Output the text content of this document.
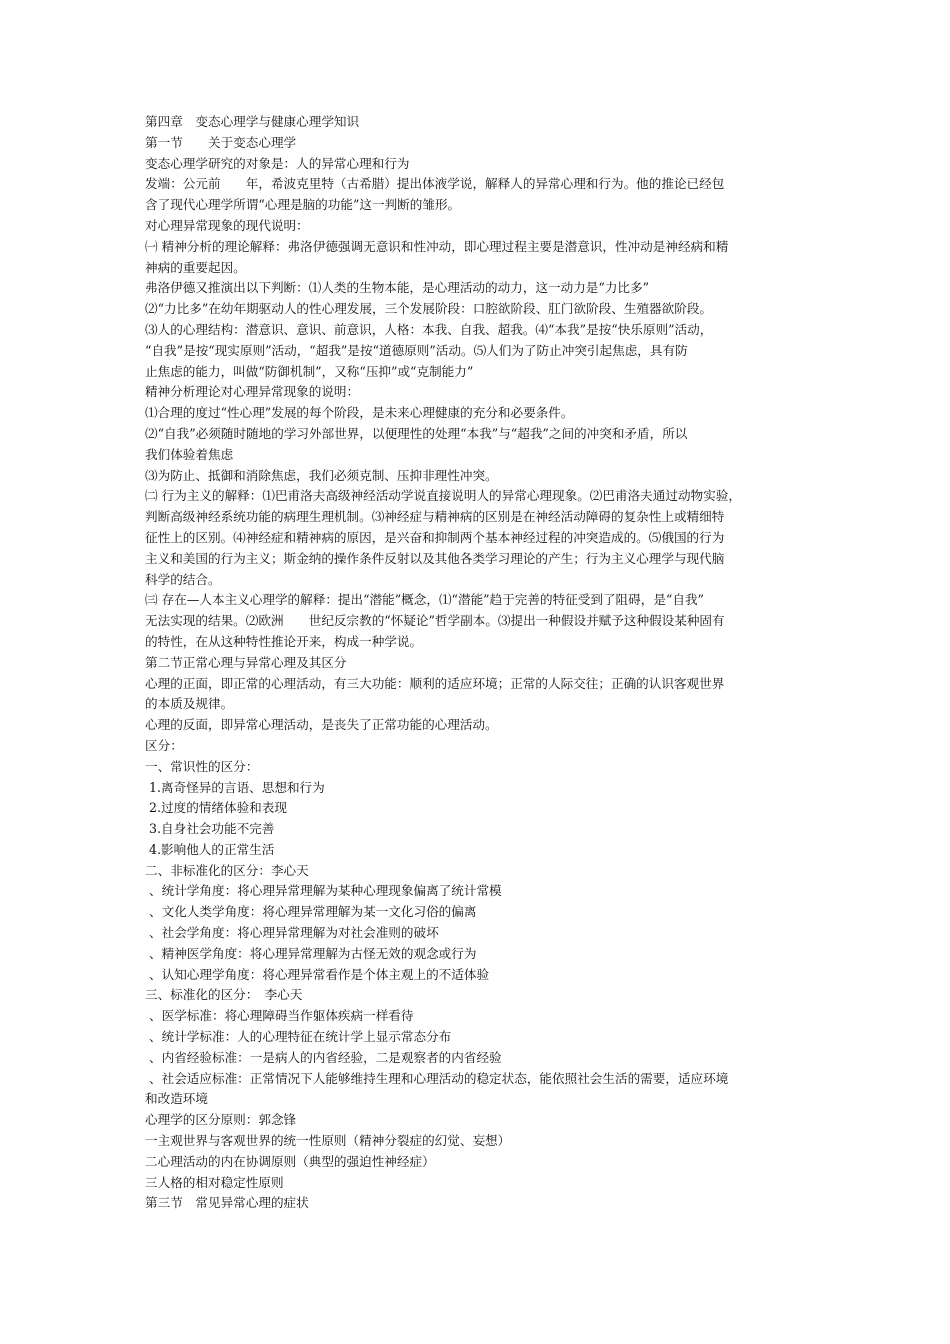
第四章　变态心理学与健康心理学知识
第一节　　关于变态心理学
变态心理学研究的对象是：人的异常心理和行为
发端：公元前　　年，希波克里特（古希腊）提出体液学说，解释人的异常心理和行为。他的推论已经包
含了现代心理学所谓“心理是脑的功能”这一判断的雏形。
对心理异常现象的现代说明：
㈠ 精神分析的理论解释：弗洛伊德强调无意识和性冲动，即心理过程主要是潜意识，性冲动是神经病和精
神病的重要起因。
弗洛伊德又推演出以下判断：⑴人类的生物本能，是心理活动的动力，这一动力是“力比多”
⑵“力比多”在幼年期驱动人的性心理发展，三个发展阶段：口腔欲阶段、肛门欲阶段、生殖器欲阶段。
⑶人的心理结构：潜意识、意识、前意识，人格：本我、自我、超我。⑷“本我”是按“快乐原则”活动，
“自我”是按“现实原则”活动，“超我”是按“道德原则”活动。⑸人们为了防止冲突引起焦虑，具有防
止焦虑的能力，叫做“防御机制”，又称“压抑”或“克制能力”
精神分析理论对心理异常现象的说明：
⑴合理的度过“性心理”发展的每个阶段，是未来心理健康的充分和必要条件。
⑵“自我”必须随时随地的学习外部世界，以便理性的处理“本我”与“超我”之间的冲突和矛盾，所以
我们体验着焦虑
⑶为防止、抵御和消除焦虑，我们必须克制、压抑非理性冲突。
㈡ 行为主义的解释：⑴巴甫洛夫高级神经活动学说直接说明人的异常心理现象。⑵巴甫洛夫通过动物实验，
判断高级神经系统功能的病理生理机制。⑶神经症与精神病的区别是在神经活动障碍的复杂性上或精细特
征性上的区别。⑷神经症和精神病的原因，是兴奋和抑制两个基本神经过程的冲突造成的。⑸俄国的行为
主义和美国的行为主义；斯金纳的操作条件反射以及其他各类学习理论的产生；行为主义心理学与现代脑
科学的结合。
㈢ 存在—人本主义心理学的解释：提出“潜能”概念，⑴“潜能”趋于完善的特征受到了阻碍，是“自我”
无法实现的结果。⑵欧洲　　世纪反宗教的“怀疑论”哲学副本。⑶提出一种假设并赋予这种假设某种固有
的特性，在从这种特性推论开来，构成一种学说。
第二节正常心理与异常心理及其区分
心理的正面，即正常的心理活动，有三大功能：顺利的适应环境；正常的人际交往；正确的认识客观世界
的本质及规律。
心理的反面，即异常心理活动，是丧失了正常功能的心理活动。
区分：
一、常识性的区分：
1.离奇怪异的言语、思想和行为
2.过度的情绪体验和表现
3.自身社会功能不完善
4.影响他人的正常生活
二、非标准化的区分：李心天
、统计学角度：将心理异常理解为某种心理现象偏离了统计常模
、文化人类学角度：将心理异常理解为某一文化习俗的偏离
、社会学角度：将心理异常理解为对社会准则的破坏
、精神医学角度：将心理异常理解为古怪无效的观念或行为
、认知心理学角度：将心理异常看作是个体主观上的不适体验
三、标准化的区分：　李心天
、医学标准：将心理障碍当作躯体疾病一样看待
、统计学标准：人的心理特征在统计学上显示常态分布
、内省经验标准：一是病人的内省经验，二是观察者的内省经验
、社会适应标准：正常情况下人能够维持生理和心理活动的稳定状态，能依照社会生活的需要，适应环境
和改造环境
心理学的区分原则：郭念锋
一主观世界与客观世界的统一性原则（精神分裂症的幻觉、妄想）
二心理活动的内在协调原则（典型的强迫性神经症）
三人格的相对稳定性原则
第三节　常见异常心理的症状
